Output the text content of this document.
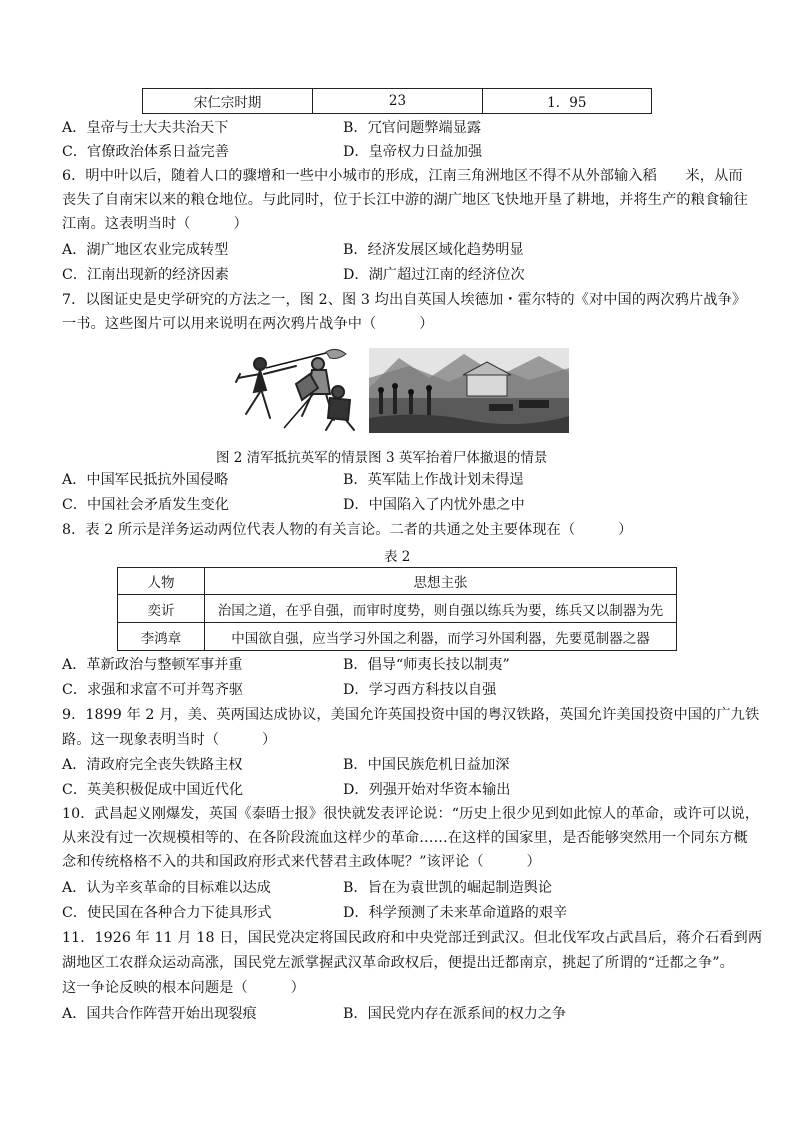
宋仁宗时期	23	1．95
A．皇帝与士大夫共治天下	B．冗官问题弊端显露
C．官僚政治体系日益完善	D．皇帝权力日益加强
6．明中叶以后，随着人口的骤增和一些中小城市的形成，江南三角洲地区不得不从外部输入稻　　米，从而
丧失了自南宋以来的粮仓地位。与此同时，位于长江中游的湖广地区飞快地开垦了耕地，并将生产的粮食输往
江南。这表明当时（　　　）
A．湖广地区农业完成转型	B．经济发展区域化趋势明显
C．江南出现新的经济因素	D．湖广超过江南的经济位次
7．以图证史是史学研究的方法之一，图 2、图 3 均出自英国人埃德加・霍尔特的《对中国的两次鸦片战争》
一书。这些图片可以用来说明在两次鸦片战争中（　　　）
图 2 清军抵抗英军的情景图 3 英军抬着尸体撤退的情景
A．中国军民抵抗外国侵略	B．英军陆上作战计划未得逞
C．中国社会矛盾发生变化	D．中国陷入了内忧外患之中
8．表 2 所示是洋务运动两位代表人物的有关言论。二者的共通之处主要体现在（　　　）
表 2
人物	思想主张
奕䜣	治国之道，在乎自强，而审时度势，则自强以练兵为要，练兵又以制器为先
李鸿章	中国欲自强，应当学习外国之利器，而学习外国利器，先要觅制器之器
A．革新政治与整顿军事并重	B．倡导“师夷长技以制夷”
C．求强和求富不可并驾齐驱	D．学习西方科技以自强
9．1899 年 2 月，美、英两国达成协议，美国允许英国投资中国的粤汉铁路，英国允许美国投资中国的广九铁
路。这一现象表明当时（　　　）
A．清政府完全丧失铁路主权	B．中国民族危机日益加深
C．英美积极促成中国近代化	D．列强开始对华资本输出
10．武昌起义刚爆发，英国《泰晤士报》很快就发表评论说：“历史上很少见到如此惊人的革命，或许可以说，
从来没有过一次规模相等的、在各阶段流血这样少的革命……在这样的国家里，是否能够突然用一个同东方概
念和传统格格不入的共和国政府形式来代替君主政体呢？”该评论（　　　）
A．认为辛亥革命的目标难以达成	B．旨在为袁世凯的崛起制造舆论
C．使民国在各种合力下徒具形式	D．科学预测了未来革命道路的艰辛
11．1926 年 11 月 18 日，国民党决定将国民政府和中央党部迁到武汉。但北伐军攻占武昌后，蒋介石看到两
湖地区工农群众运动高涨，国民党左派掌握武汉革命政权后，便提出迁都南京，挑起了所谓的“迁都之争”。
这一争论反映的根本问题是（　　　）
A．国共合作阵营开始出现裂痕	B．国民党内存在派系间的权力之争
